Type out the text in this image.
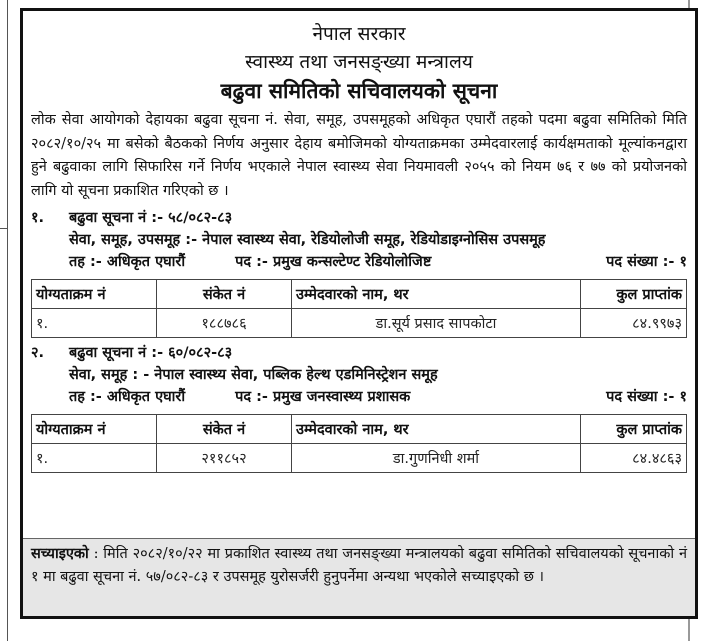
नेपाल सरकार
स्वास्थ्य तथा जनसङ्ख्या मन्त्रालय
बढुवा समितिको सचिवालयको सूचना
लोक सेवा आयोगको देहायका बढुवा सूचना नं. सेवा, समूह, उपसमूहको अधिकृत एघारौं तहको पदमा बढुवा समितिको मिति २०८२/१०/२५ मा बसेको बैठकको निर्णय अनुसार देहाय बमोजिमको योग्यताक्रमका उम्मेदवारलाई कार्यक्षमताको मूल्यांकनद्वारा हुने बढुवाका लागि सिफारिस गर्ने निर्णय भएकाले नेपाल स्वास्थ्य सेवा नियमावली २०५५ को नियम ७६ र ७७ को प्रयोजनको लागि यो सूचना प्रकाशित गरिएको छ ।
१.	बढुवा सूचना नं :- ५८/०८२-८३
सेवा, समूह, उपसमूह :- नेपाल स्वास्थ्य सेवा, रेडियोलोजी समूह, रेडियोडाइग्नोसिस उपसमूह
तह :- अधिकृत एघारौं	पद :- प्रमुख कन्सल्टेण्ट रेडियोलोजिष्ट	पद संख्या :- १
योग्यताक्रम नं	संकेत नं	उम्मेदवारको नाम, थर	कुल प्राप्तांक
१.	१८८७८६	डा.सूर्य प्रसाद सापकोटा	८४.९९७३
२.	बढुवा सूचना नं :- ६०/०८२-८३
सेवा, समूह : - नेपाल स्वास्थ्य सेवा, पब्लिक हेल्थ एडमिनिस्ट्रेशन समूह
तह :- अधिकृत एघारौं	पद :- प्रमुख जनस्वास्थ्य प्रशासक	पद संख्या :- १
योग्यताक्रम नं	संकेत नं	उम्मेदवारको नाम, थर	कुल प्राप्तांक
१.	२११८५२	डा.गुणनिधी शर्मा	८४.४८६३
सच्याइएको : मिति २०८२/१०/२२ मा प्रकाशित स्वास्थ्य तथा जनसङ्ख्या मन्त्रालयको बढुवा समितिको सचिवालयको सूचनाको नं १ मा बढुवा सूचना नं. ५७/०८२-८३ र उपसमूह युरोसर्जरी हुनुपर्नेमा अन्यथा भएकोले सच्याइएको छ ।
